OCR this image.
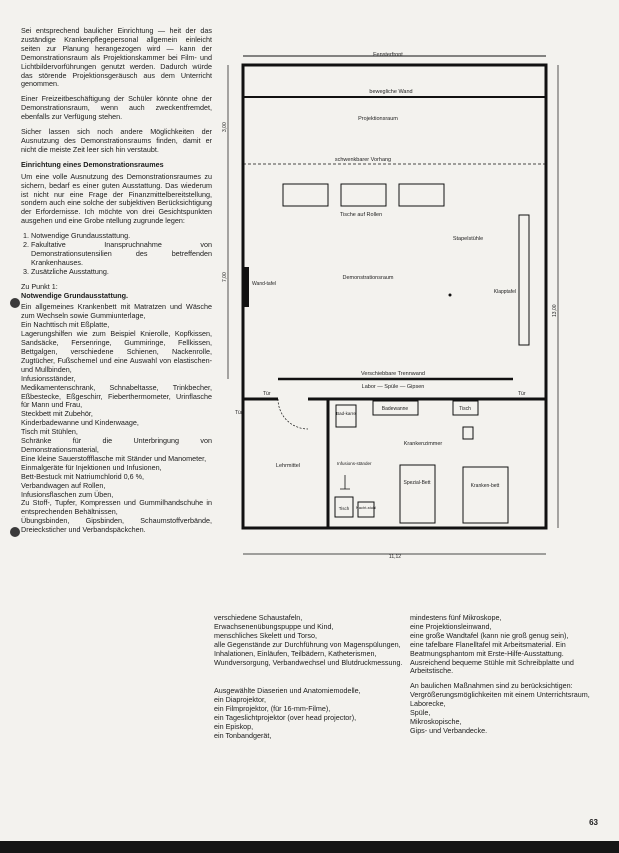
Sei entsprechend baulicher Einrichtung — heit der das zuständige Krankenpflegepersonal allgemein einleicht seiten zur Planung herangezogen wird — kann der Demonstrationsraum als Projektionskammer bei Film- und Lichtbildervorführungen genutzt werden. Dadurch würde das störende Projektionsgeräusch aus dem Unterricht genommen.

Einer Freizeitbeschäftigung der Schüler könnte ohne der Demonstrationsraum, wenn auch zweckentfremdet, ebenfalls zur Verfügung stehen.

Sicher lassen sich noch andere Möglichkeiten der Ausnutzung des Demonstrationsraums finden, damit er nicht die meiste Zeit leer sich hin verstaubt.

Einrichtung eines Demonstrationsraumes

Um eine volle Ausnutzung des Demonstrationsraumes zu sichern, bedarf es einer guten Ausstattung. Das wiederum ist nicht nur eine Frage der Finanzmittelbereitstellung, sondern auch eine solche der subjektiven Berücksichtigung der Erfordernisse. Ich möchte von drei Gesichtspunkten ausgehen und eine Grobe ntellung zugrunde legen:

1. Notwendige Grundausstattung.
2. Fakultative Inanspruchnahme von Demonstrationsutensilien des betreffenden Krankenhauses.
3. Zusätzliche Ausstattung.

Zu Punkt 1:

Notwendige Grundausstattung.

Ein allgemeines Krankenbett mit Matratzen und Wäsche zum Wechseln sowie Gummiunterlage,
Ein Nachttisch mit Eßplatte,
Lagerungshilfen wie zum Beispiel Knierolle, Kopfkissen, Sandsäcke, Fersenringe, Gummiringe, Fellkissen, Bettgalgen, verschiedene Schienen, Nackenrolle, Zugtücher, Fußschemel und eine Auswahl von elastischen- und Mullbinden,
Infusionsständer,
Medikamentenschrank, Schnabeltasse, Trinkbecher, Eßbestecke, Eßgeschirr, Fieberthermometer, Urinflasche für Mann und Frau,
Steckbett mit Zubehör,
Kinderbadewanne und Kinderwaage,
Tisch mit Stühlen,
Schränke für die Unterbringung von Demonstrationsmaterial,
Eine kleine Sauerstoffflasche mit Ständer und Manometer,
Einmalgeräte für Injektionen und Infusionen,
Bett-Bestuck mit Natriumchlorid 0,6 %,
Verbandwagen auf Rollen,
Infusionsflaschen zum Üben,
Zu Stoff-, Tupfer, Kompressen und Gummilhandschuhe in entsprechenden Behältnissen,
Übungsbinden, Gipsbinden, Schaumstoffverbände, Dreiecksticher und Verbandspäckchen.
Fensterfront
bewegliche Wand
Projektionsraum
schwenkbarer Vorhang
Tische auf Rollen
Stapelstühle
Demonstrationsraum
Wand-tafel
Klapptafel
Verschiebbare Trennwand
Labor — Spüle — Gipsen
Tür	Tür
Tür
Lehrmittel
Bad-karre
Badewanne	Tisch
Krankenzimmer
Infusions-ständer
Tisch Nacht-stuhl
Spezial-Bett	Kranken-bett
3,00
7,00
13,00
11,12
verschiedene Schaustafeln,
Erwachsenenübungspuppe und Kind,
menschliches Skelett und Torso,
alle Gegenstände zur Durchführung von Magenspülungen,
Inhalationen, Einläufen, Teilbädern, Katheterismen, Wundversorgung, Verbandwechsel und Blutdruckmessung.
Ausgewählte Diaserien und Anatomiemodelle,
ein Diaprojektor,
ein Filmprojektor, (für 16-mm-Filme),
ein Tageslichtprojektor (over head projector),
ein Episkop,
ein Tonbandgerät,
mindestens fünf Mikroskope,
eine Projektionsleinwand,
eine große Wandtafel (kann nie groß genug sein),
eine tafelbare Flanelltafel mit Arbeitsmaterial. Ein Beatmungsphantom mit Erste-Hilfe-Ausstattung.
Ausreichend bequeme Stühle mit Schreibplatte und Arbeitstische.
An baulichen Maßnahmen sind zu berücksichtigen:
Vergrößerungsmöglichkeiten mit einem Unterrichtsraum,
Laborecke,
Spüle,
Mikroskopische,
Gips- und Verbandecke.
63
